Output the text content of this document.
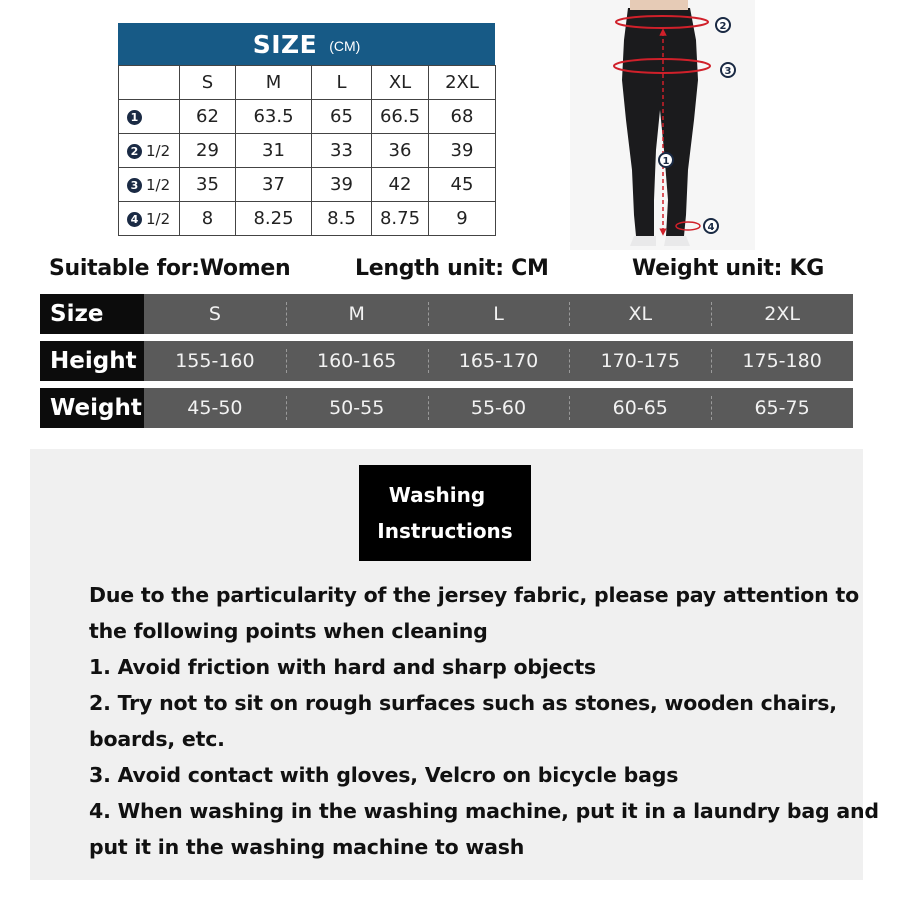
SIZE (CM)
	S	M	L	XL	2XL
1	62	63.5	65	66.5	68
2 1/2	29	31	33	36	39
3 1/2	35	37	39	42	45
4 1/2	8	8.25	8.5	8.75	9
2
3
1
4
Suitable for:Women	Length unit: CM	Weight unit: KG
Size	S	M	L	XL	2XL
Height	155-160	160-165	165-170	170-175	175-180
Weight	45-50	50-55	55-60	60-65	65-75
Washing
Instructions
Due to the particularity of the jersey fabric, please pay attention to
the following points when cleaning
1. Avoid friction with hard and sharp objects
2. Try not to sit on rough surfaces such as stones, wooden chairs,
boards, etc.
3. Avoid contact with gloves, Velcro on bicycle bags
4. When washing in the washing machine, put it in a laundry bag and
put it in the washing machine to wash
